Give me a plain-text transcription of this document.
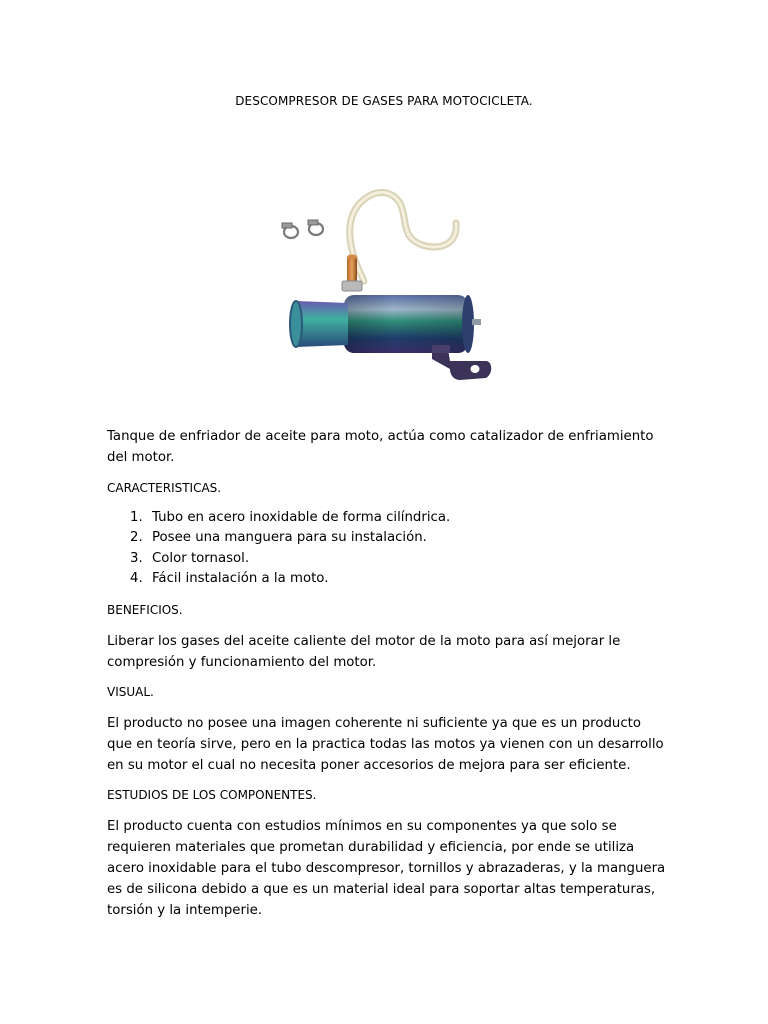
DESCOMPRESOR DE GASES PARA MOTOCICLETA.

Tanque de enfriador de aceite para moto, actúa como catalizador de enfriamiento del motor.

CARACTERISTICAS.

1. Tubo en acero inoxidable de forma cilíndrica.
2. Posee una manguera para su instalación.
3. Color tornasol.
4. Fácil instalación a la moto.

BENEFICIOS.

Liberar los gases del aceite caliente del motor de la moto para así mejorar le compresión y funcionamiento del motor.

VISUAL.

El producto no posee una imagen coherente ni suficiente ya que es un producto que en teoría sirve, pero en la practica todas las motos ya vienen con un desarrollo en su motor el cual no necesita poner accesorios de mejora para ser eficiente.

ESTUDIOS DE LOS COMPONENTES.

El producto cuenta con estudios mínimos en su componentes ya que solo se requieren materiales que prometan durabilidad y eficiencia, por ende se utiliza acero inoxidable para el tubo descompresor, tornillos y abrazaderas, y la manguera es de silicona debido a que es un material ideal para soportar altas temperaturas, torsión y la intemperie.
